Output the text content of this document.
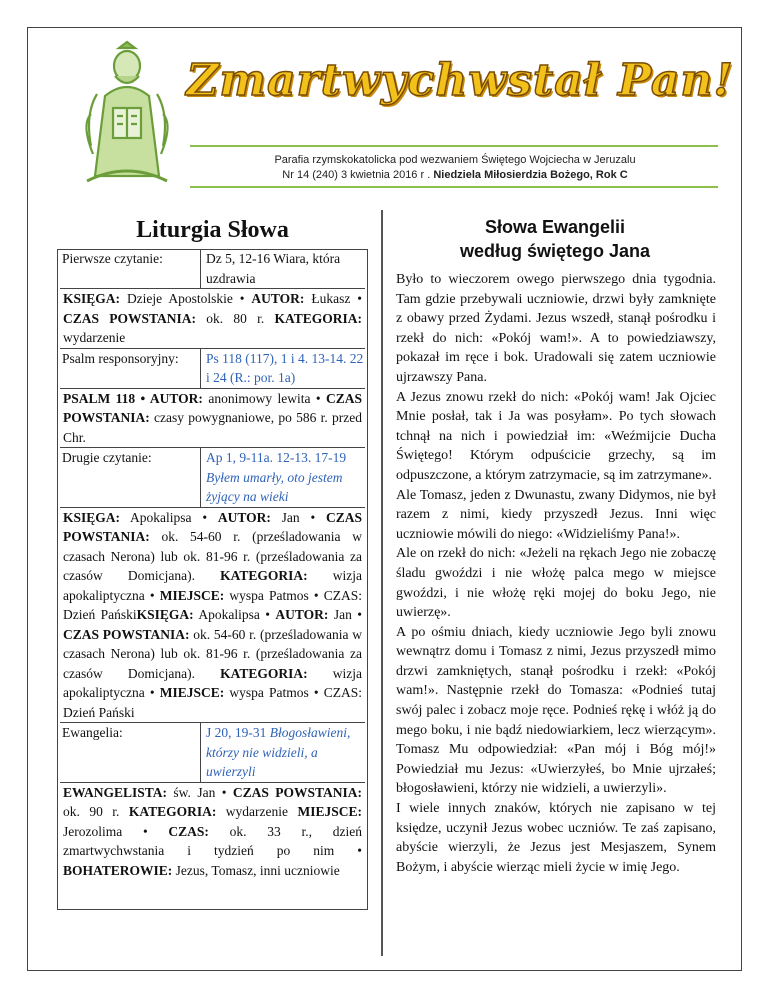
Zmartwychwstał Pan!
Parafia rzymskokatolicka pod wezwaniem Świętego Wojciecha w Jeruzalu
Nr 14 (240) 3 kwietnia 2016 r . Niedziela Miłosierdzia Bożego, Rok C
Liturgia Słowa
Pierwsze czytanie:	Dz 5, 12-16 Wiara, która uzdrawia
KSIĘGA: Dzieje Apostolskie • AUTOR: Łukasz • CZAS POWSTANIA: ok. 80 r. KATEGORIA: wydarzenie
Psalm responsoryjny:	Ps 118 (117), 1 i 4. 13-14. 22 i 24 (R.: por. 1a)
PSALM 118 • AUTOR: anonimowy lewita • CZAS POWSTANIA: czasy powygnaniowe, po 586 r. przed Chr.
Drugie czytanie:	Ap 1, 9-11a. 12-13. 17-19
Byłem umarły, oto jestem żyjący na wieki
KSIĘGA: Apokalipsa • AUTOR: Jan • CZAS POWSTANIA: ok. 54-60 r. (prześladowania w czasach Nerona) lub ok. 81-96 r. (prześladowania za czasów Domicjana). KATEGORIA: wizja apokaliptyczna • MIEJSCE: wyspa Patmos • CZAS: Dzień PańskiKSIĘGA: Apokalipsa • AUTOR: Jan • CZAS POWSTANIA: ok. 54-60 r. (prześladowania w czasach Nerona) lub ok. 81-96 r. (prześladowania za czasów Domicjana). KATEGORIA: wizja apokaliptyczna • MIEJSCE: wyspa Patmos • CZAS: Dzień Pański
Ewangelia:	J 20, 19-31 Błogosławieni, którzy nie widzieli, a uwierzyli
EWANGELISTA: św. Jan • CZAS POWSTANIA: ok. 90 r. KATEGORIA: wydarzenie MIEJSCE: Jerozolima • CZAS: ok. 33 r., dzień zmartwychwstania i tydzień po nim • BOHATEROWIE: Jezus, Tomasz, inni uczniowie
Słowa Ewangelii
według świętego Jana

Było to wieczorem owego pierwszego dnia tygodnia. Tam gdzie przebywali uczniowie, drzwi były zamknięte z obawy przed Żydami. Jezus wszedł, stanął pośrodku i rzekł do nich: «Pokój wam!». A to powiedziawszy, pokazał im ręce i bok. Uradowali się zatem uczniowie ujrzawszy Pana.

A Jezus znowu rzekł do nich: «Pokój wam! Jak Ojciec Mnie posłał, tak i Ja was posyłam». Po tych słowach tchnął na nich i powiedział im: «Weźmijcie Ducha Świętego! Którym odpuścicie grzechy, są im odpuszczone, a którym zatrzymacie, są im zatrzymane».

Ale Tomasz, jeden z Dwunastu, zwany Didymos, nie był razem z nimi, kiedy przyszedł Jezus. Inni więc uczniowie mówili do niego: «Widzieliśmy Pana!».

Ale on rzekł do nich: «Jeżeli na rękach Jego nie zobaczę śladu gwoździ i nie włożę palca mego w miejsce gwoździ, i nie włożę ręki mojej do boku Jego, nie uwierzę».

A po ośmiu dniach, kiedy uczniowie Jego byli znowu wewnątrz domu i Tomasz z nimi, Jezus przyszedł mimo drzwi zamkniętych, stanął pośrodku i rzekł: «Pokój wam!». Następnie rzekł do Tomasza: «Podnieś tutaj swój palec i zobacz moje ręce. Podnieś rękę i włóż ją do mego boku, i nie bądź niedowiarkiem, lecz wierzącym». Tomasz Mu odpowiedział: «Pan mój i Bóg mój!» Powiedział mu Jezus: «Uwierzyłeś, bo Mnie ujrzałeś; błogosławieni, którzy nie widzieli, a uwierzyli».

I wiele innych znaków, których nie zapisano w tej księdze, uczynił Jezus wobec uczniów. Te zaś zapisano, abyście wierzyli, że Jezus jest Mesjaszem, Synem Bożym, i abyście wierząc mieli życie w imię Jego.
